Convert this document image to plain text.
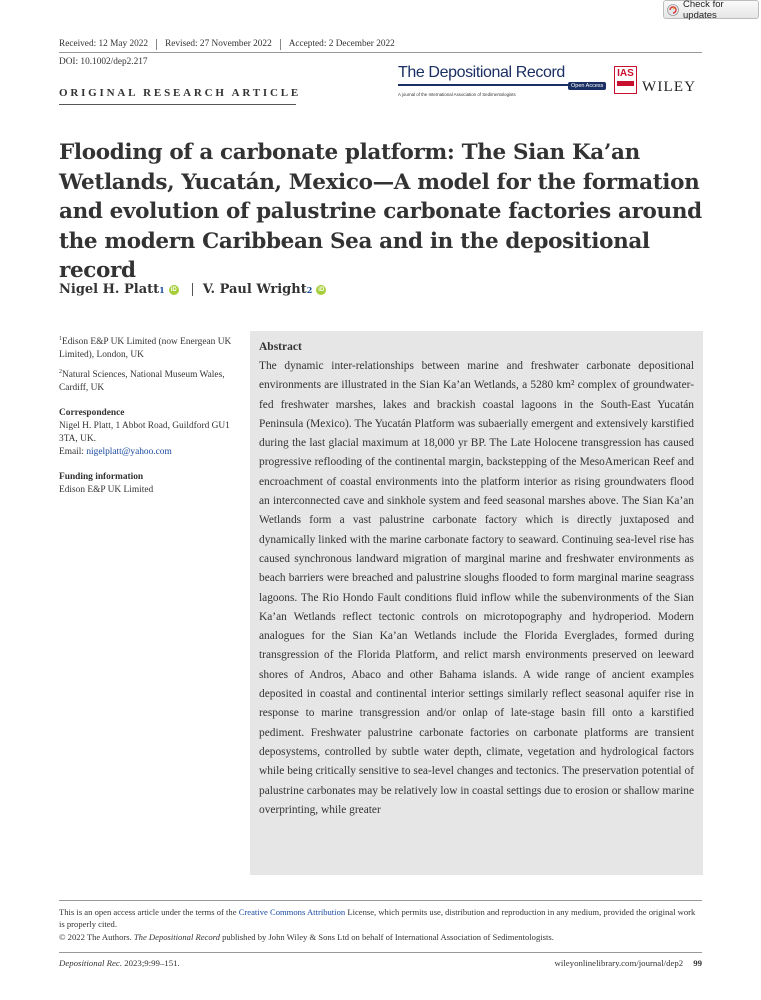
Check for updates
Received: 12 May 2022 Revised: 27 November 2022 Accepted: 2 December 2022
DOI: 10.1002/dep2.217
ORIGINAL RESEARCH ARTICLE
The Depositional Record
Open Access
A journal of the International Association of Sedimentologists
IAS

WILEY
Flooding of a carbonate platform: The Sian Ka’an Wetlands, Yucatán, Mexico—A model for the formation and evolution of palustrine carbonate factories around the modern Caribbean Sea and in the depositional record
Nigel H. Platt 1	iD V. Paul Wright 2	iD
$^1$Edison E&P UK Limited (now Energean UK Limited), London, UK
$^2$Natural Sciences, National Museum Wales, Cardiff, UK
Correspondence
Nigel H. Platt, 1 Abbot Road, Guildford GU1 3TA, UK.
Email: nigelplatt@yahoo.com
Funding information
Edison E&P UK Limited
Abstract
The dynamic inter-relationships between marine and freshwater carbonate depositional environments are illustrated in the Sian Ka’an Wetlands, a 5280 km² complex of groundwater-fed freshwater marshes, lakes and brackish coastal lagoons in the South-East Yucatán Peninsula (Mexico). The Yucatán Platform was subaerially emergent and extensively karstified during the last glacial maximum at 18,000 yr BP. The Late Holocene transgression has caused progressive reflooding of the continental margin, backstepping of the MesoAmerican Reef and encroachment of coastal environments into the platform interior as rising groundwaters flood an interconnected cave and sinkhole system and feed seasonal marshes above. The Sian Ka’an Wetlands form a vast palustrine carbonate factory which is directly juxtaposed and dynamically linked with the marine carbonate factory to seaward. Continuing sea-level rise has caused synchronous landward migration of marginal marine and freshwater environments as beach barriers were breached and palustrine sloughs flooded to form marginal marine seagrass lagoons. The Rio Hondo Fault conditions fluid inflow while the subenvironments of the Sian Ka’an Wetlands reflect tectonic controls on microtopography and hydroperiod. Modern analogues for the Sian Ka’an Wetlands include the Florida Everglades, formed during transgression of the Florida Platform, and relict marsh environments preserved on leeward shores of Andros, Abaco and other Bahama islands. A wide range of ancient examples deposited in coastal and continental interior settings similarly reflect seasonal aquifer rise in response to marine transgression and/or onlap of late-stage basin fill onto a karstified pediment. Freshwater palustrine carbonate factories on carbonate platforms are transient deposystems, controlled by subtle water depth, climate, vegetation and hydrological factors while being critically sensitive to sea-level changes and tectonics. The preservation potential of palustrine carbonates may be relatively low in coastal settings due to erosion or shallow marine overprinting, while greater
This is an open access article under the terms of the Creative Commons Attribution License, which permits use, distribution and reproduction in any medium, provided the original work is properly cited.
© 2022 The Authors. The Depositional Record published by John Wiley & Sons Ltd on behalf of International Association of Sedimentologists.
Depositional Rec. 2023;9:99–151.	wileyonlinelibrary.com/journal/dep2 99
